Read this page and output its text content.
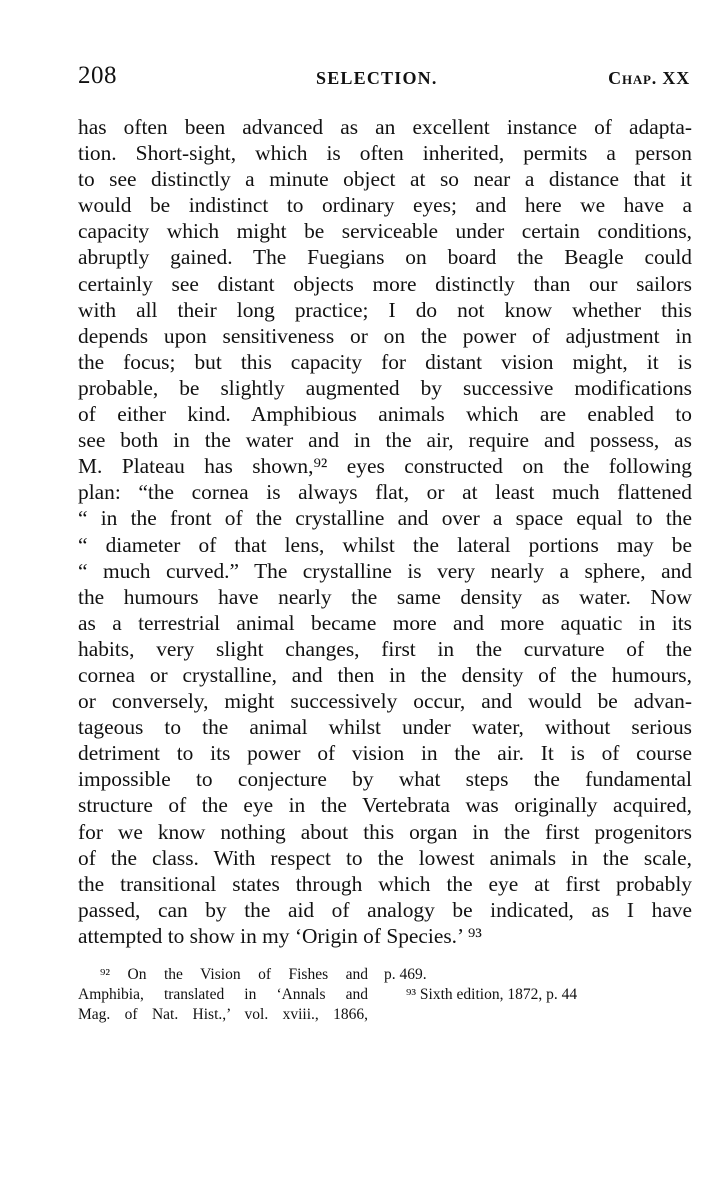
208	SELECTION.	Chap. XX
has often been advanced as an excellent instance of adapta-
tion. Short-sight, which is often inherited, permits a person
to see distinctly a minute object at so near a distance that it
would be indistinct to ordinary eyes; and here we have a
capacity which might be serviceable under certain conditions,
abruptly gained. The Fuegians on board the Beagle could
certainly see distant objects more distinctly than our sailors
with all their long practice; I do not know whether this
depends upon sensitiveness or on the power of adjustment in
the focus; but this capacity for distant vision might, it is
probable, be slightly augmented by successive modifications
of either kind. Amphibious animals which are enabled to
see both in the water and in the air, require and possess, as
M. Plateau has shown,⁹² eyes constructed on the following
plan: “the cornea is always flat, or at least much flattened
“ in the front of the crystalline and over a space equal to the
“ diameter of that lens, whilst the lateral portions may be
“ much curved.” The crystalline is very nearly a sphere, and
the humours have nearly the same density as water. Now
as a terrestrial animal became more and more aquatic in its
habits, very slight changes, first in the curvature of the
cornea or crystalline, and then in the density of the humours,
or conversely, might successively occur, and would be advan-
tageous to the animal whilst under water, without serious
detriment to its power of vision in the air. It is of course
impossible to conjecture by what steps the fundamental
structure of the eye in the Vertebrata was originally acquired,
for we know nothing about this organ in the first progenitors
of the class. With respect to the lowest animals in the scale,
the transitional states through which the eye at first probably
passed, can by the aid of analogy be indicated, as I have
attempted to show in my ‘Origin of Species.’ ⁹³
⁹² On the Vision of Fishes and
Amphibia, translated in ‘Annals and
Mag. of Nat. Hist.,’ vol. xviii., 1866,
p. 469.
⁹³ Sixth edition, 1872, p. 44
